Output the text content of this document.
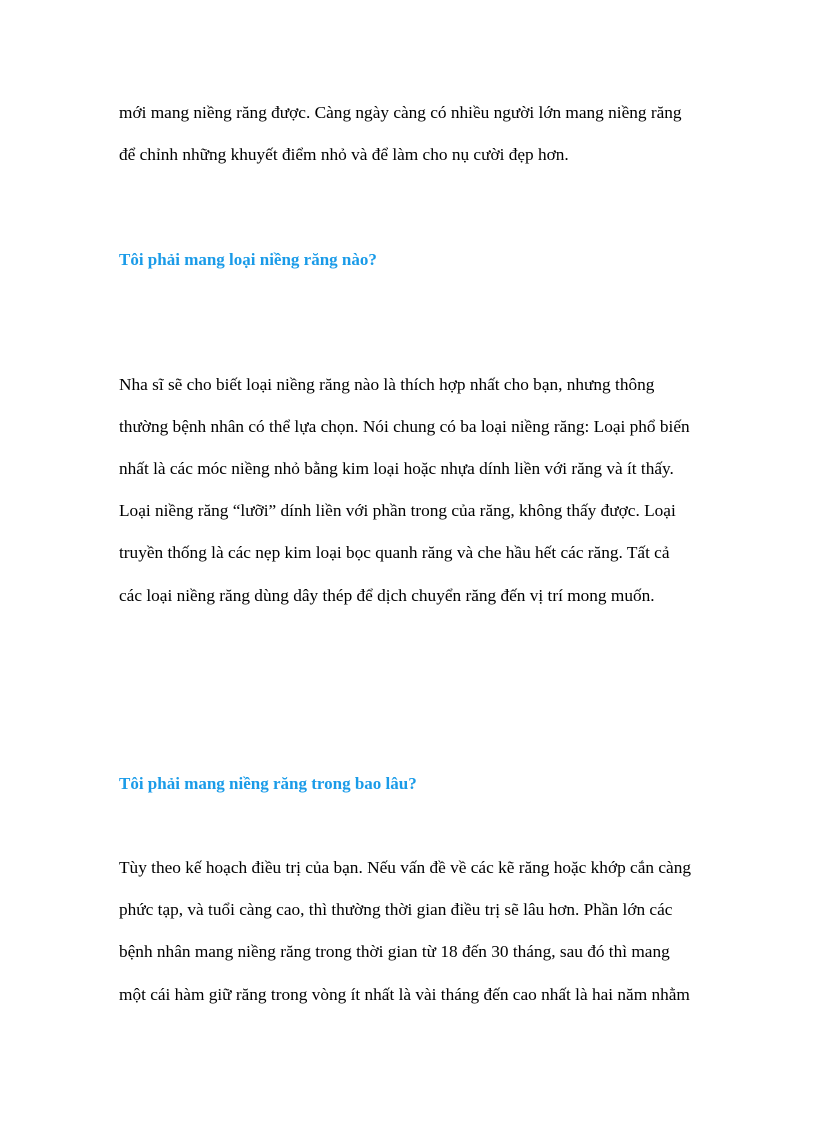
mới mang niềng răng được. Càng ngày càng có nhiều người lớn mang niềng răng
để chỉnh những khuyết điểm nhỏ và để làm cho nụ cười đẹp hơn.
Tôi phải mang loại niềng răng nào?
Nha sĩ sẽ cho biết loại niềng răng nào là thích hợp nhất cho bạn, nhưng thông
thường bệnh nhân có thể lựa chọn. Nói chung có ba loại niềng răng: Loại phổ biến
nhất là các móc niềng nhỏ bằng kim loại hoặc nhựa dính liền với răng và ít thấy.
Loại niềng răng “lưỡi” dính liền với phần trong của răng, không thấy được. Loại
truyền thống là các nẹp kim loại bọc quanh răng và che hầu hết các răng. Tất cả
các loại niềng răng dùng dây thép để dịch chuyển răng đến vị trí mong muốn.
Tôi phải mang niềng răng trong bao lâu?
Tùy theo kế hoạch điều trị của bạn. Nếu vấn đề về các kẽ răng hoặc khớp cắn càng
phức tạp, và tuổi càng cao, thì thường thời gian điều trị sẽ lâu hơn. Phần lớn các
bệnh nhân mang niềng răng trong thời gian từ 18 đến 30 tháng, sau đó thì mang
một cái hàm giữ răng trong vòng ít nhất là vài tháng đến cao nhất là hai năm nhằm
